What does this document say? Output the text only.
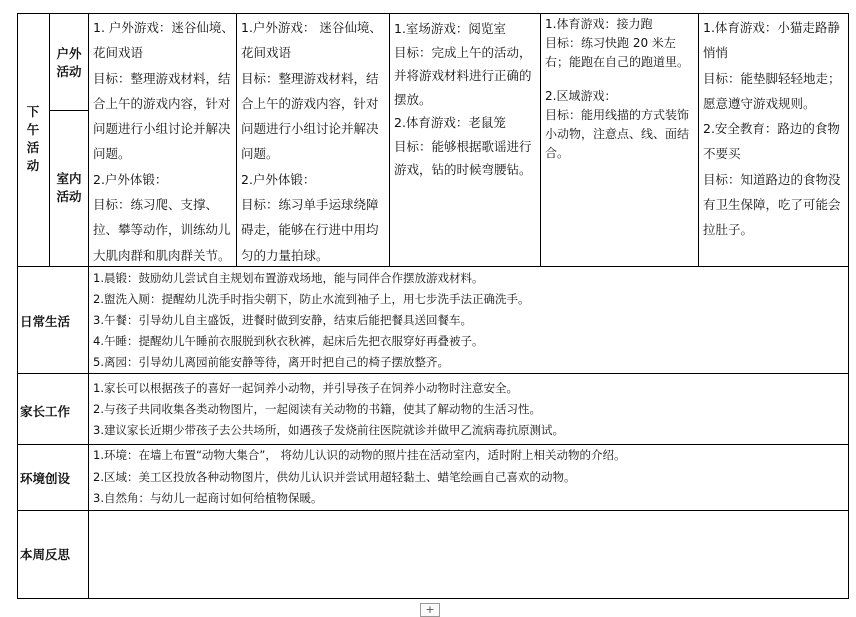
下午活动
户外活动
室内活动

1. 户外游戏：迷谷仙境、花间戏语

目标：整理游戏材料，结合上午的游戏内容，针对问题进行小组讨论并解决问题。

2.户外体锻：

目标：练习爬、支撑、拉、攀等动作，训练幼儿大肌肉群和肌肉群关节。

1.户外游戏： 迷谷仙境、花间戏语

目标：整理游戏材料，结合上午的游戏内容，针对问题进行小组讨论并解决问题。

2.户外体锻：

目标：练习单手运球绕障碍走，能够在行进中用均匀的力量拍球。

1.室场游戏：阅览室

目标：完成上午的活动，并将游戏材料进行正确的摆放。

2.体育游戏：老鼠笼

目标：能够根据歌谣进行游戏，钻的时候弯腰钻。

1.体育游戏：接力跑

目标：练习快跑 20 米左右；能跑在自己的跑道里。

2.区域游戏：

目标：能用线描的方式装饰小动物，注意点、线、面结合。

1.体育游戏：小猫走路静悄悄

目标：能垫脚轻轻地走；愿意遵守游戏规则。

2.安全教育：路边的食物不要买

目标：知道路边的食物没有卫生保障，吃了可能会拉肚子。

日常生活

1.晨锻：鼓励幼儿尝试自主规划布置游戏场地，能与同伴合作摆放游戏材料。

2.盥洗入厕：提醒幼儿洗手时指尖朝下，防止水流到袖子上，用七步洗手法正确洗手。

3.午餐：引导幼儿自主盛饭，进餐时做到安静，结束后能把餐具送回餐车。

4.午睡：提醒幼儿午睡前衣服脱到秋衣秋裤，起床后先把衣服穿好再叠被子。

5.离园：引导幼儿离园前能安静等待，离开时把自己的椅子摆放整齐。

家长工作

1.家长可以根据孩子的喜好一起饲养小动物，并引导孩子在饲养小动物时注意安全。

2.与孩子共同收集各类动物图片，一起阅读有关动物的书籍，使其了解动物的生活习性。

3.建议家长近期少带孩子去公共场所，如遇孩子发烧前往医院就诊并做甲乙流病毒抗原测试。

环境创设

1.环境：在墙上布置“动物大集合”， 将幼儿认识的动物的照片挂在活动室内，适时附上相关动物的介绍。

2.区域：美工区投放各种动物图片，供幼儿认识并尝试用超轻黏土、蜡笔绘画自己喜欢的动物。

3.自然角：与幼儿一起商讨如何给植物保暖。

本周反思
+
